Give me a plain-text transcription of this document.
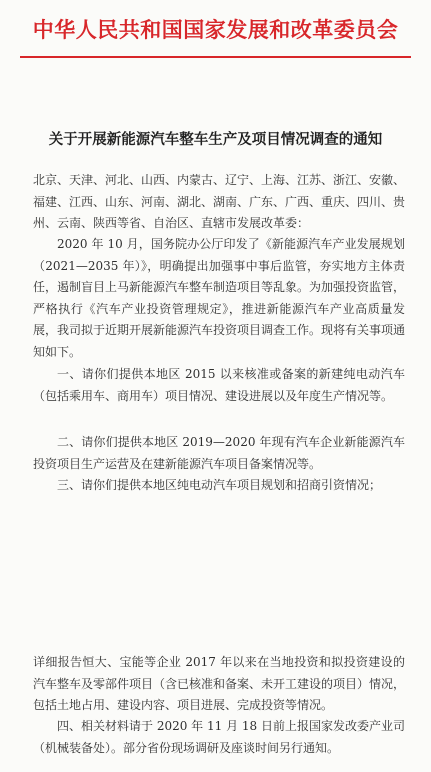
中华人民共和国国家发展和改革委员会
关于开展新能源汽车整车生产及项目情况调查的通知

北京、天津、河北、山西、内蒙古、辽宁、上海、江苏、浙江、安徽、福建、江西、山东、河南、湖北、湖南、广东、广西、重庆、四川、贵州、云南、陕西等省、自治区、直辖市发展改革委：

2020 年 10 月，国务院办公厅印发了《新能源汽车产业发展规划（2021—2035 年）》，明确提出加强事中事后监管，夯实地方主体责任，遏制盲目上马新能源汽车整车制造项目等乱象。为加强投资监管，严格执行《汽车产业投资管理规定》，推进新能源汽车产业高质量发展，我司拟于近期开展新能源汽车投资项目调查工作。现将有关事项通知如下。

一、请你们提供本地区 2015 以来核准或备案的新建纯电动汽车（包括乘用车、商用车）项目情况、建设进展以及年度生产情况等。

二、请你们提供本地区 2019—2020 年现有汽车企业新能源汽车投资项目生产运营及在建新能源汽车项目备案情况等。

三、请你们提供本地区纯电动汽车项目规划和招商引资情况；

详细报告恒大、宝能等企业 2017 年以来在当地投资和拟投资建设的汽车整车及零部件项目（含已核准和备案、未开工建设的项目）情况，包括土地占用、建设内容、项目进展、完成投资等情况。

四、相关材料请于 2020 年 11 月 18 日前上报国家发改委产业司（机械装备处）。部分省份现场调研及座谈时间另行通知。
